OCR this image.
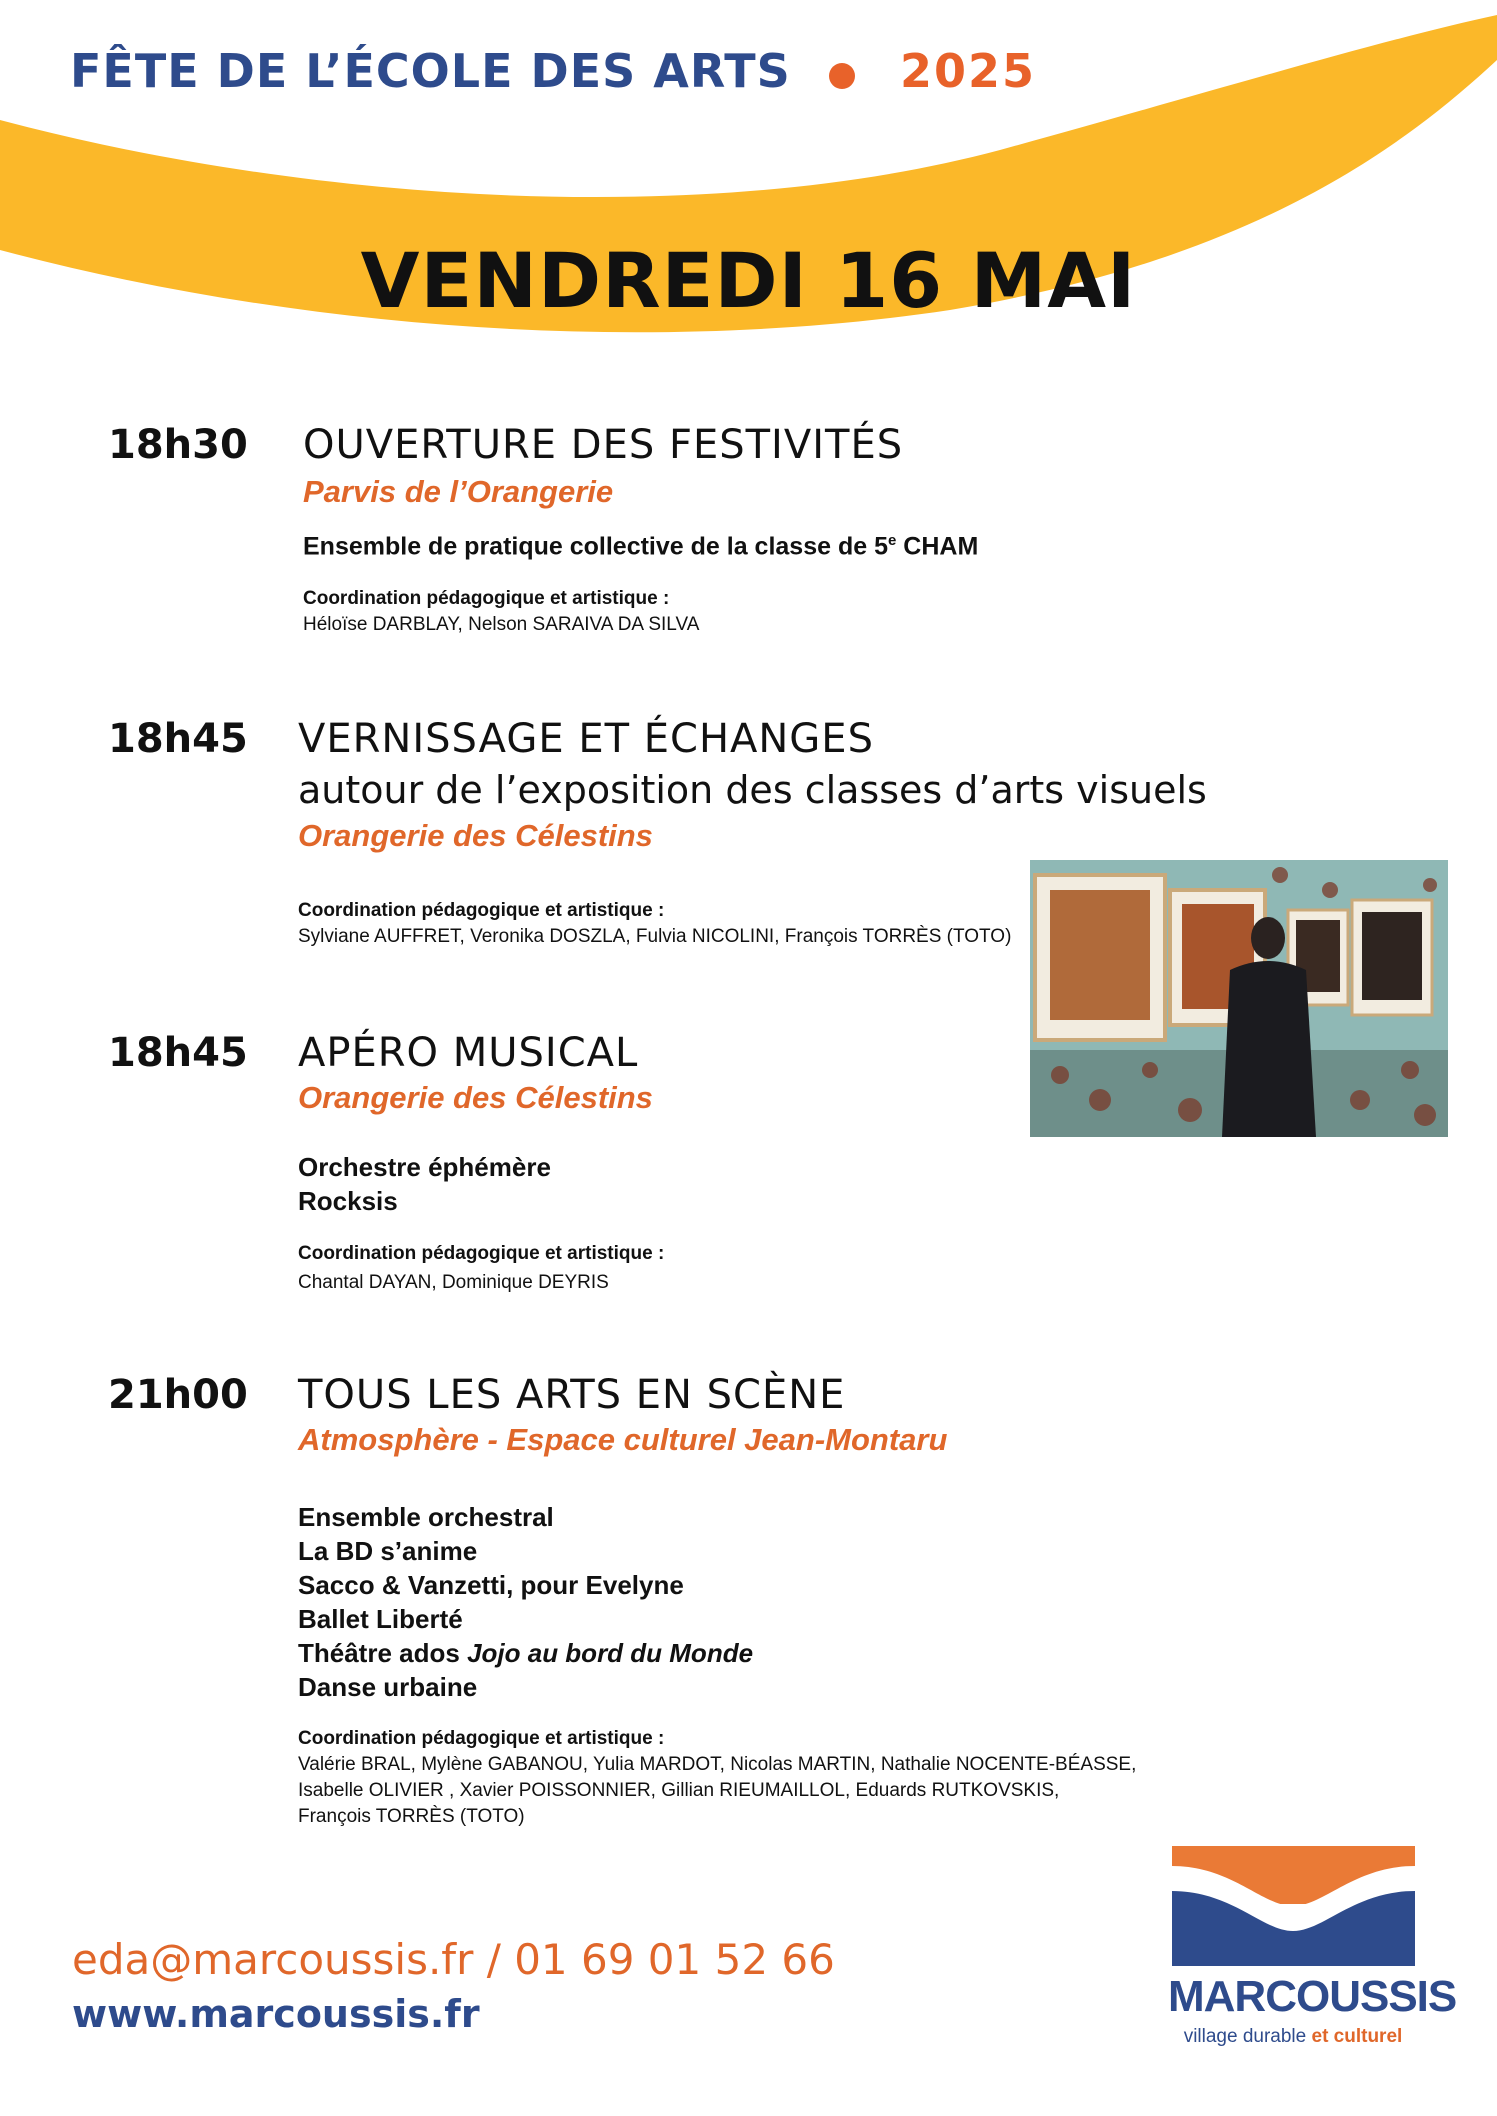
FÊTE DE L’ÉCOLE DES ARTS 2025
VENDREDI 16 MAI
18h30 OUVERTURE DES FESTIVITÉS
Parvis de l’Orangerie
Ensemble de pratique collective de la classe de 5e CHAM
Coordination pédagogique et artistique :
Héloïse DARBLAY, Nelson SARAIVA DA SILVA
18h45 VERNISSAGE ET ÉCHANGES
autour de l’exposition des classes d’arts visuels
Orangerie des Célestins
Coordination pédagogique et artistique :
Sylviane AUFFRET, Veronika DOSZLA, Fulvia NICOLINI, François TORRÈS (TOTO)
18h45 APÉRO MUSICAL
Orangerie des Célestins
Orchestre éphémère
Rocksis
Coordination pédagogique et artistique :
Chantal DAYAN, Dominique DEYRIS
21h00 TOUS LES ARTS EN SCÈNE
Atmosphère - Espace culturel Jean-Montaru
Ensemble orchestral
La BD s’anime
Sacco & Vanzetti, pour Evelyne
Ballet Liberté
Théâtre ados Jojo au bord du Monde
Danse urbaine
Coordination pédagogique et artistique :
Valérie BRAL, Mylène GABANOU, Yulia MARDOT, Nicolas MARTIN, Nathalie NOCENTE-BÉASSE,
Isabelle OLIVIER , Xavier POISSONNIER, Gillian RIEUMAILLOL, Eduards RUTKOVSKIS,
François TORRÈS (TOTO)
eda@marcoussis.fr / 01 69 01 52 66
www.marcoussis.fr	MARCOUSSIS
village durable et culturel
